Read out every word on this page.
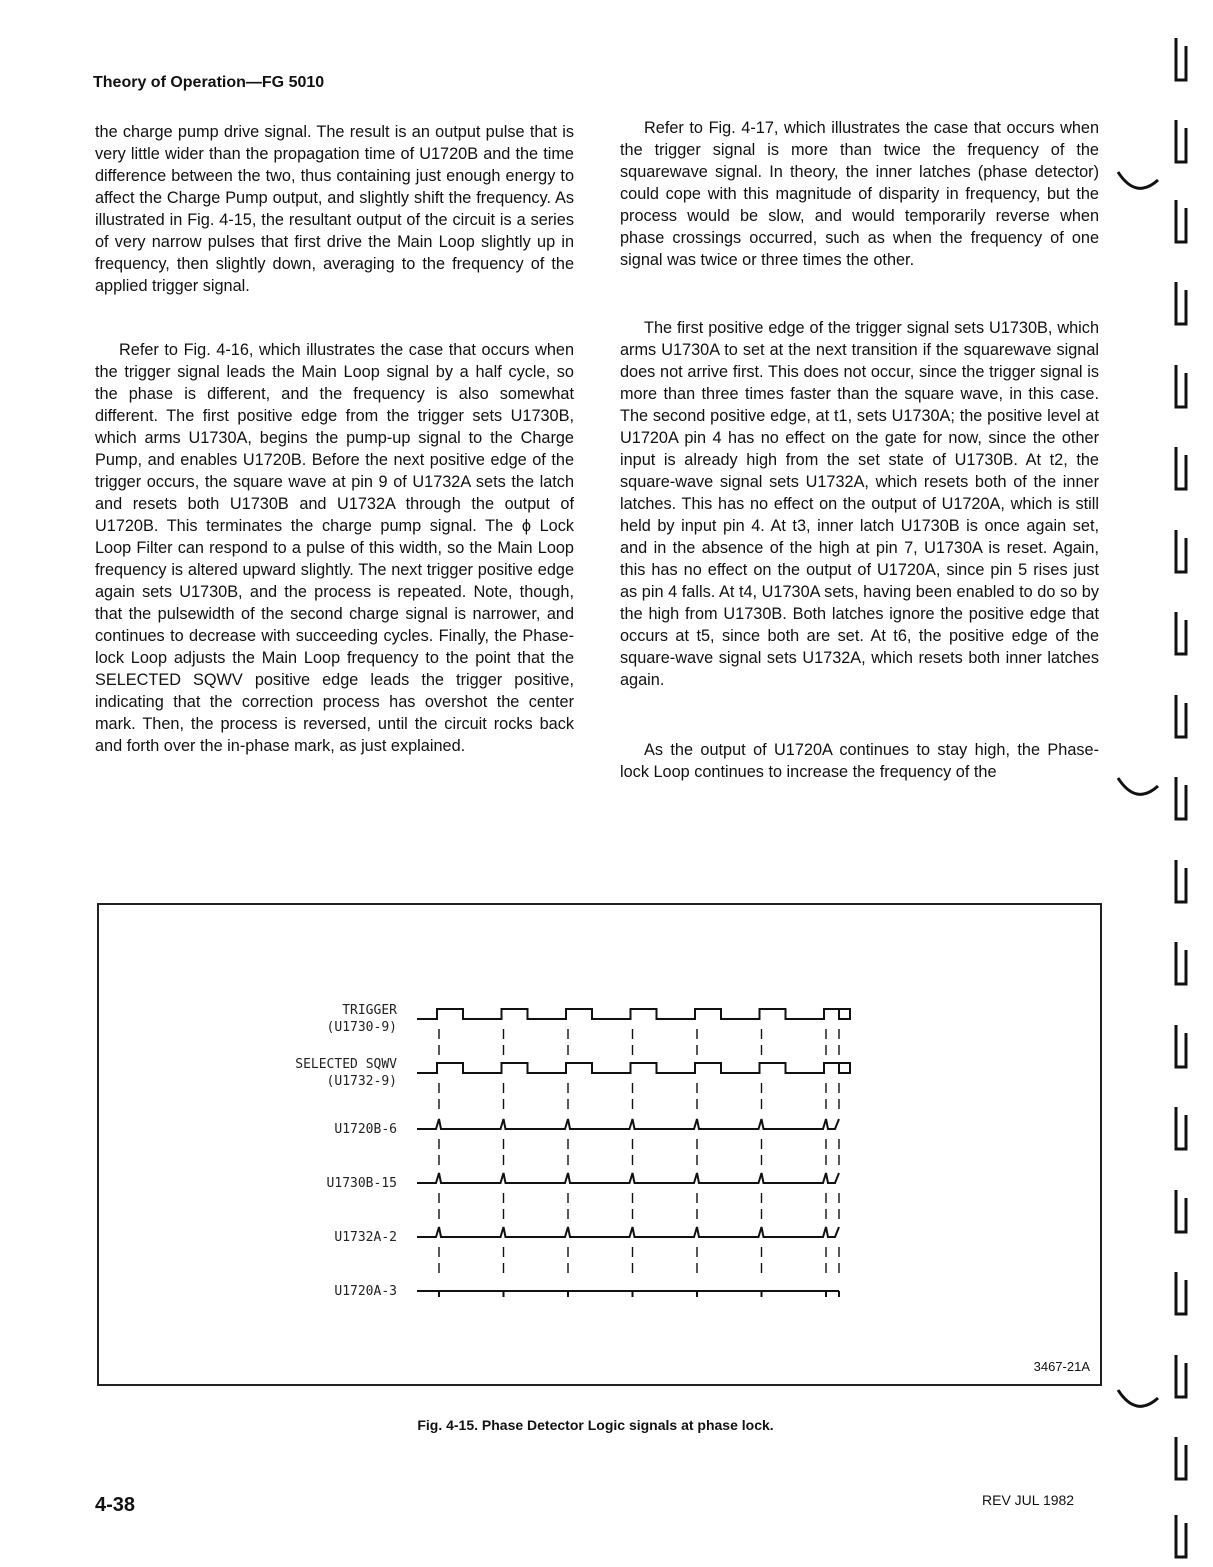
Theory of Operation—FG 5010

the charge pump drive signal. The result is an output pulse that is very little wider than the propagation time of U1720B and the time difference between the two, thus containing just enough energy to affect the Charge Pump output, and slightly shift the frequency. As illustrated in Fig. 4-15, the resultant output of the circuit is a series of very narrow pulses that first drive the Main Loop slightly up in frequency, then slightly down, averaging to the frequency of the applied trigger signal.

Refer to Fig. 4-16, which illustrates the case that occurs when the trigger signal leads the Main Loop signal by a half cycle, so the phase is different, and the frequency is also somewhat different. The first positive edge from the trigger sets U1730B, which arms U1730A, begins the pump-up signal to the Charge Pump, and enables U1720B. Before the next positive edge of the trigger occurs, the square wave at pin 9 of U1732A sets the latch and resets both U1730B and U1732A through the output of U1720B. This terminates the charge pump signal. The ϕ Lock Loop Filter can respond to a pulse of this width, so the Main Loop frequency is altered upward slightly. The next trigger positive edge again sets U1730B, and the process is repeated. Note, though, that the pulsewidth of the second charge signal is narrower, and continues to decrease with succeeding cycles. Finally, the Phase-lock Loop adjusts the Main Loop frequency to the point that the SELECTED SQWV positive edge leads the trigger positive, indicating that the correction process has overshot the center mark. Then, the process is reversed, until the circuit rocks back and forth over the in-phase mark, as just explained.

Refer to Fig. 4-17, which illustrates the case that occurs when the trigger signal is more than twice the frequency of the squarewave signal. In theory, the inner latches (phase detector) could cope with this magnitude of disparity in frequency, but the process would be slow, and would temporarily reverse when phase crossings occurred, such as when the frequency of one signal was twice or three times the other.

The first positive edge of the trigger signal sets U1730B, which arms U1730A to set at the next transition if the squarewave signal does not arrive first. This does not occur, since the trigger signal is more than three times faster than the square wave, in this case. The second positive edge, at t1, sets U1730A; the positive level at U1720A pin 4 has no effect on the gate for now, since the other input is already high from the set state of U1730B. At t2, the square-wave signal sets U1732A, which resets both of the inner latches. This has no effect on the output of U1720A, which is still held by input pin 4. At t3, inner latch U1730B is once again set, and in the absence of the high at pin 7, U1730A is reset. Again, this has no effect on the output of U1720A, since pin 5 rises just as pin 4 falls. At t4, U1730A sets, having been enabled to do so by the high from U1730B. Both latches ignore the positive edge that occurs at t5, since both are set. At t6, the positive edge of the square-wave signal sets U1732A, which resets both inner latches again.

As the output of U1720A continues to stay high, the Phase-lock Loop continues to increase the frequency of the

TRIGGER
(U1730-9)
SELECTED SQWV
(U1732-9)
U1720B-6
U1730B-15
U1732A-2
U1720A-3
3467-21A
Fig. 4-15. Phase Detector Logic signals at phase lock.
4-38	REV JUL 1982
